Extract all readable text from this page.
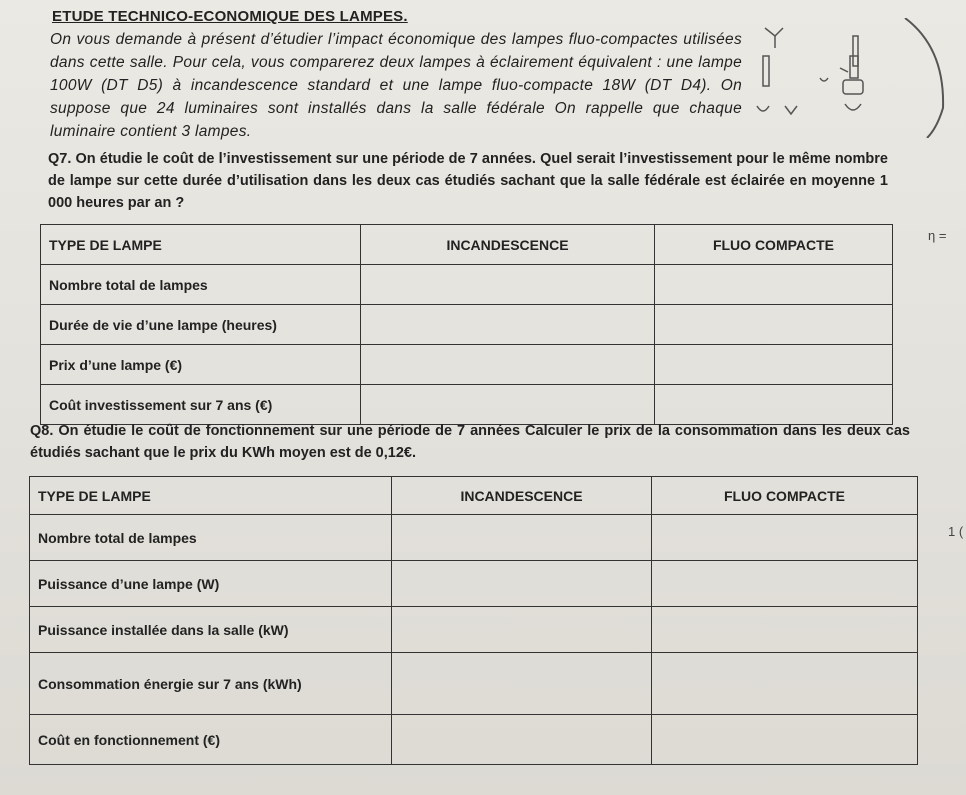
ETUDE TECHNICO-ECONOMIQUE DES LAMPES.
On vous demande à présent d’étudier l’impact économique des lampes fluo-compactes utilisées dans cette salle. Pour cela, vous comparerez deux lampes à éclairement équivalent : une lampe 100W (DT D5) à incandescence standard et une lampe fluo-compacte 18W (DT D4). On suppose que 24 luminaires sont installés dans la salle fédérale On rappelle que chaque luminaire contient 3 lampes.
Q7. On étudie le coût de l’investissement sur une période de 7 années. Quel serait l’investissement pour le même nombre de lampe sur cette durée d’utilisation dans les deux cas étudiés sachant que la salle fédérale est éclairée en moyenne 1 000 heures par an ?
TYPE DE LAMPE	INCANDESCENCE	FLUO COMPACTE
Nombre total de lampes		
Durée de vie d’une lampe (heures)		
Prix d’une lampe (€)		
Coût investissement sur 7 ans (€)		
η =
Q8. On étudie le coût de fonctionnement sur une période de 7 années Calculer le prix de la consommation dans les deux cas étudiés sachant que le prix du KWh moyen est de 0,12€.
TYPE DE LAMPE	INCANDESCENCE	FLUO COMPACTE
Nombre total de lampes		
Puissance d’une lampe (W)		
Puissance installée dans la salle (kW)		
Consommation énergie sur 7 ans (kWh)		
Coût en fonctionnement (€)		
1 (
